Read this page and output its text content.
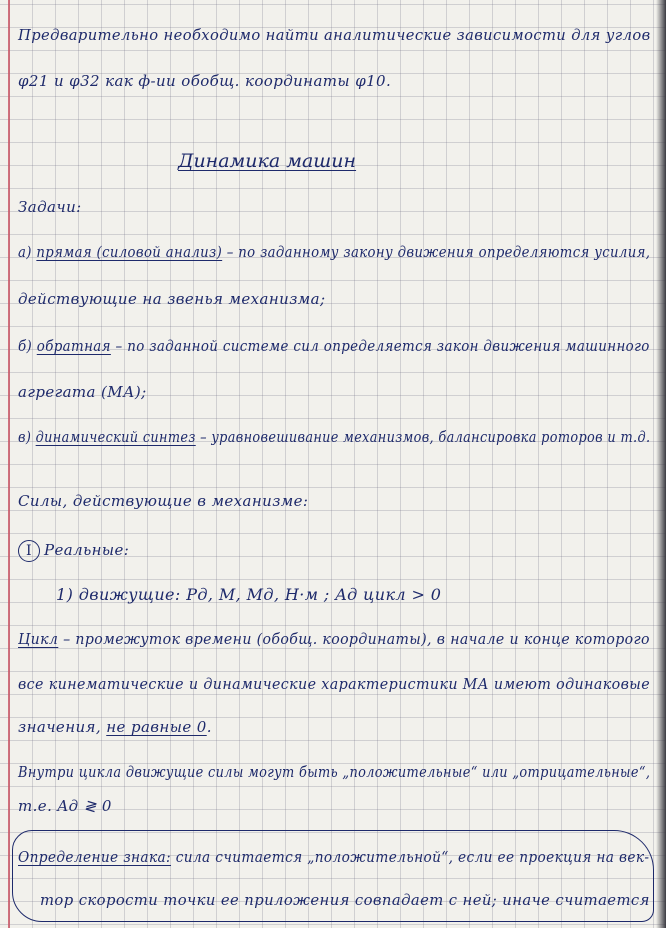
Предварительно необходимо найти аналитические зависимости для углов
φ21 и φ32 как ф-ии обобщ. координаты φ10.
Динамика машин
Задачи:
а) прямая (силовой анализ) – по заданному закону движения определяются усилия,
действующие на звенья механизма;
б) обратная – по заданной системе сил определяется закон движения машинного
агрегата (МА);
в) динамический синтез – уравновешивание механизмов, балансировка роторов и т.д.
Силы, действующие в механизме:
I Реальные:
1) движущие: Pд, M, Mд, Н·м ; Aд цикл > 0
Цикл – промежуток времени (обобщ. координаты), в начале и конце которого
все кинематические и динамические характеристики МА имеют одинаковые
значения, не равные 0.
Внутри цикла движущие силы могут быть „положительные“ или „отрицательные“,
т.е. Aд ≷ 0
Определение знака: сила считается „положительной“, если ее проекция на век-
тор скорости точки ее приложения совпадает с ней; иначе считается
